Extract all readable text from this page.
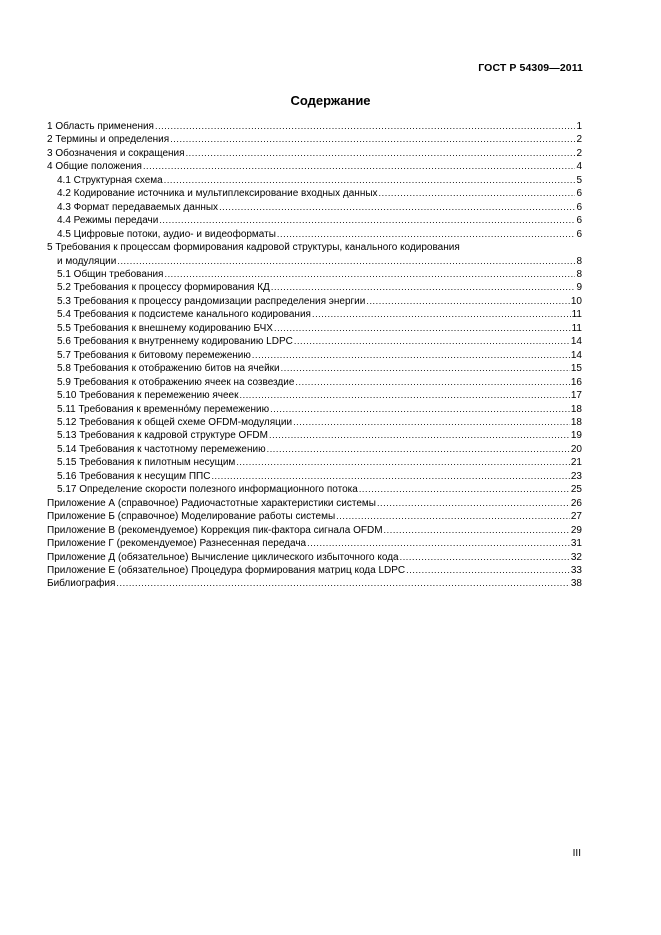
ГОСТ Р 54309—2011
Содержание
1 Область применения .....	1
2 Термины и определения .....	2
3 Обозначения и сокращения .....	2
4 Общие положения .....	4
4.1 Структурная схема .....	5
4.2 Кодирование источника и мультиплексирование входных данных .....	6
4.3 Формат передаваемых данных .....	6
4.4 Режимы передачи .....	6
4.5 Цифровые потоки, аудио- и видеоформаты .....	6
5 Требования к процессам формирования кадровой структуры, канального кодирования
и модуляции .....	8
5.1 Общин требования .....	8
5.2 Требования к процессу формирования КД .....	9
5.3 Требования к процессу рандомизации распределения энергии .....	10
5.4 Требования к подсистеме канального кодирования .....	11
5.5 Требования к внешнему кодированию БЧХ .....	11
5.6 Требования к внутреннему кодированию LDPC .....	14
5.7 Требования к битовому перемежению .....	14
5.8 Требования к отображению битов на ячейки .....	15
5.9 Требования к отображению ячеек на созвездие .....	16
5.10 Требования к перемежению ячеек .....	17
5.11 Требования к временно́му перемежению .....	18
5.12 Требования к общей схеме OFDM-модуляции .....	18
5.13 Требования к кадровой структуре OFDM .....	19
5.14 Требования к частотному перемежению .....	20
5.15 Требования к пилотным несущим .....	21
5.16 Требования к несущим ППС .....	23
5.17 Определение скорости полезного информационного потока .....	25
Приложение А (справочное) Радиочастотные характеристики системы .....	26
Приложение Б (справочное) Моделирование работы системы .....	27
Приложение В (рекомендуемое) Коррекция пик-фактора сигнала OFDM .....	29
Приложение Г (рекомендуемое) Разнесенная передача .....	31
Приложение Д (обязательное) Вычисление циклического избыточного кода .....	32
Приложение Е (обязательное) Процедура формирования матриц кода LDPC .....	33
Библиография .....	38
III
